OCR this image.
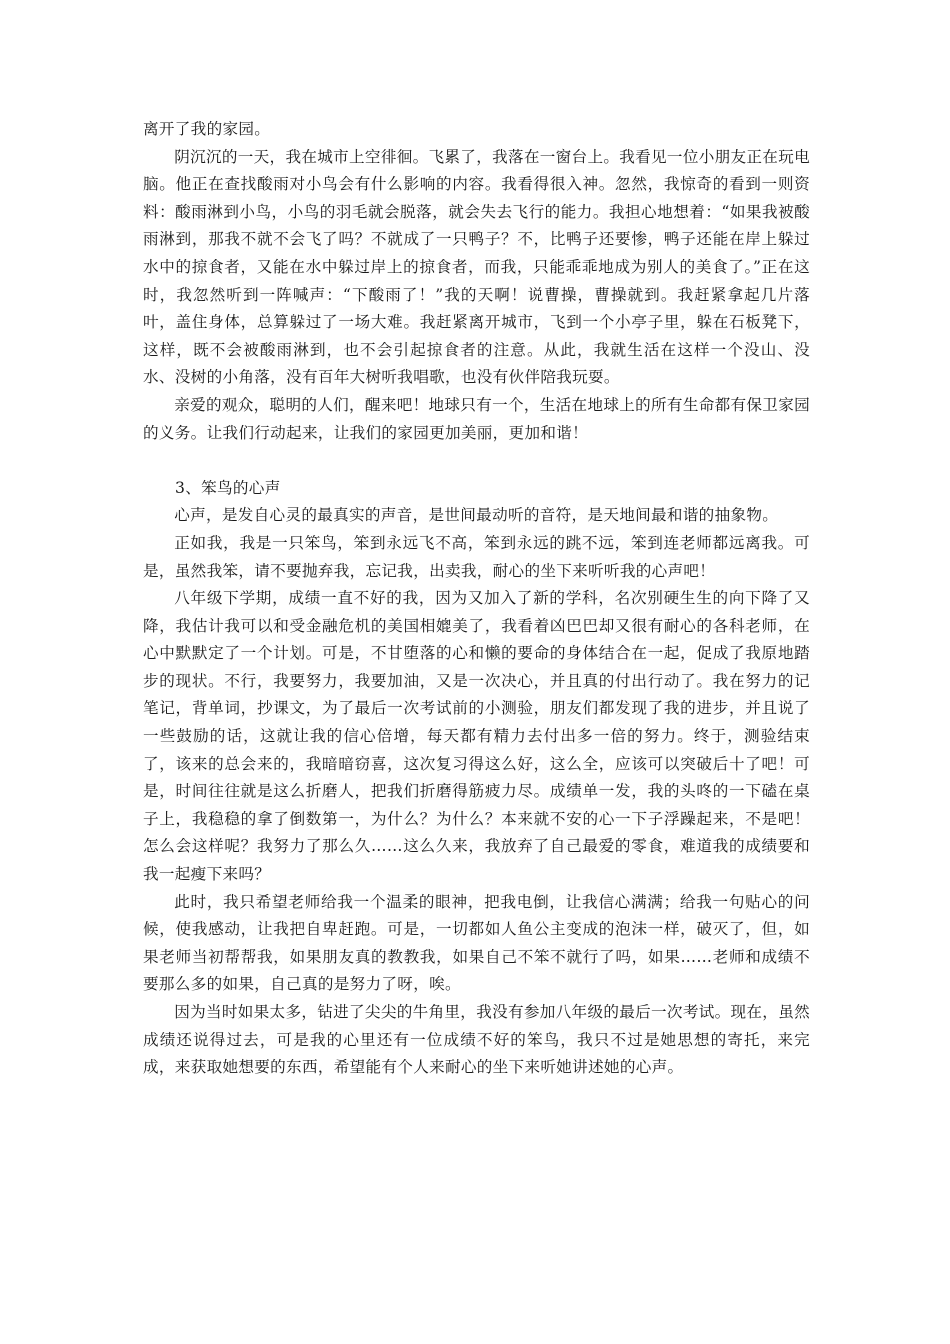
离开了我的家园。

阴沉沉的一天，我在城市上空徘徊。飞累了，我落在一窗台上。我看见一位小朋友正在玩电脑。他正在查找酸雨对小鸟会有什么影响的内容。我看得很入神。忽然，我惊奇的看到一则资料：酸雨淋到小鸟，小鸟的羽毛就会脱落，就会失去飞行的能力。我担心地想着：“如果我被酸雨淋到，那我不就不会飞了吗？不就成了一只鸭子？不，比鸭子还要惨，鸭子还能在岸上躲过水中的掠食者，又能在水中躲过岸上的掠食者，而我，只能乖乖地成为别人的美食了。”正在这时，我忽然听到一阵喊声：“下酸雨了！”我的天啊！说曹操，曹操就到。我赶紧拿起几片落叶，盖住身体，总算躲过了一场大难。我赶紧离开城市，飞到一个小亭子里，躲在石板凳下，这样，既不会被酸雨淋到，也不会引起掠食者的注意。从此，我就生活在这样一个没山、没水、没树的小角落，没有百年大树听我唱歌，也没有伙伴陪我玩耍。

亲爱的观众，聪明的人们，醒来吧！地球只有一个，生活在地球上的所有生命都有保卫家园的义务。让我们行动起来，让我们的家园更加美丽，更加和谐！

3、笨鸟的心声

心声，是发自心灵的最真实的声音，是世间最动听的音符，是天地间最和谐的抽象物。

正如我，我是一只笨鸟，笨到永远飞不高，笨到永远的跳不远，笨到连老师都远离我。可是，虽然我笨，请不要抛弃我，忘记我，出卖我，耐心的坐下来听听我的心声吧！

八年级下学期，成绩一直不好的我，因为又加入了新的学科，名次别硬生生的向下降了又降，我估计我可以和受金融危机的美国相媲美了，我看着凶巴巴却又很有耐心的各科老师，在心中默默定了一个计划。可是，不甘堕落的心和懒的要命的身体结合在一起，促成了我原地踏步的现状。不行，我要努力，我要加油，又是一次决心，并且真的付出行动了。我在努力的记笔记，背单词，抄课文，为了最后一次考试前的小测验，朋友们都发现了我的进步，并且说了一些鼓励的话，这就让我的信心倍增，每天都有精力去付出多一倍的努力。终于，测验结束了，该来的总会来的，我暗暗窃喜，这次复习得这么好，这么全，应该可以突破后十了吧！可是，时间往往就是这么折磨人，把我们折磨得筋疲力尽。成绩单一发，我的头咚的一下磕在桌子上，我稳稳的拿了倒数第一，为什么？为什么？本来就不安的心一下子浮躁起来，不是吧！怎么会这样呢？我努力了那么久……这么久来，我放弃了自己最爱的零食，难道我的成绩要和我一起瘦下来吗？

此时，我只希望老师给我一个温柔的眼神，把我电倒，让我信心满满；给我一句贴心的问候，使我感动，让我把自卑赶跑。可是，一切都如人鱼公主变成的泡沫一样，破灭了，但，如果老师当初帮帮我，如果朋友真的教教我，如果自己不笨不就行了吗，如果……老师和成绩不要那么多的如果，自己真的是努力了呀，唉。

因为当时如果太多，钻进了尖尖的牛角里，我没有参加八年级的最后一次考试。现在，虽然成绩还说得过去，可是我的心里还有一位成绩不好的笨鸟，我只不过是她思想的寄托，来完成，来获取她想要的东西，希望能有个人来耐心的坐下来听她讲述她的心声。
